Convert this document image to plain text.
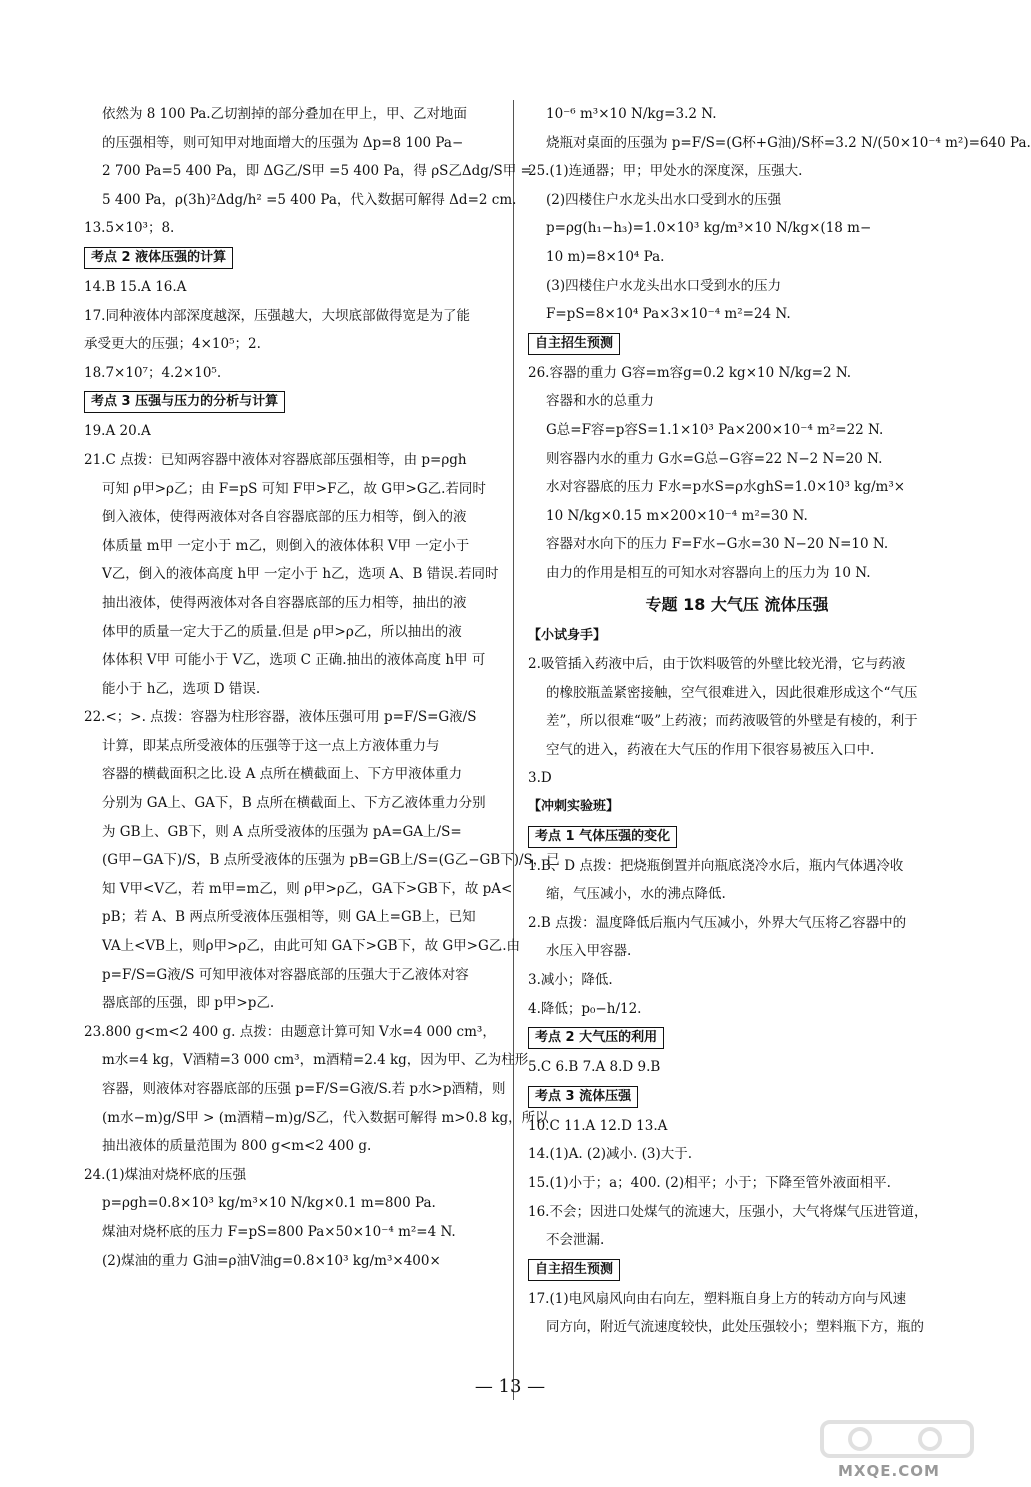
依然为 8 100 Pa.乙切割掉的部分叠加在甲上，甲、乙对地面
的压强相等，则可知甲对地面增大的压强为 Δp=8 100 Pa−
2 700 Pa=5 400 Pa，即 ΔG乙/S甲 =5 400 Pa，得 ρS乙Δdg/S甲 =
5 400 Pa，ρ(3h)²Δdg/h² =5 400 Pa，代入数据可解得 Δd=2 cm.
13.5×10³；8.
考点 2 液体压强的计算
14.B 15.A 16.A
17.同种液体内部深度越深，压强越大，大坝底部做得宽是为了能
承受更大的压强；4×10⁵；2.
18.7×10⁷；4.2×10⁵.
考点 3 压强与压力的分析与计算
19.A 20.A
21.C 点拨：已知两容器中液体对容器底部压强相等，由 p=ρgh
可知 ρ甲>ρ乙；由 F=pS 可知 F甲>F乙，故 G甲>G乙.若同时
倒入液体，使得两液体对各自容器底部的压力相等，倒入的液
体质量 m甲 一定小于 m乙，则倒入的液体体积 V甲 一定小于
V乙，倒入的液体高度 h甲 一定小于 h乙，选项 A、B 错误.若同时
抽出液体，使得两液体对各自容器底部的压力相等，抽出的液
体甲的质量一定大于乙的质量.但是 ρ甲>ρ乙，所以抽出的液
体体积 V甲 可能小于 V乙，选项 C 正确.抽出的液体高度 h甲 可
能小于 h乙，选项 D 错误.
22.<；>. 点拨：容器为柱形容器，液体压强可用 p=F/S=G液/S
计算，即某点所受液体的压强等于这一点上方液体重力与
容器的横截面积之比.设 A 点所在横截面上、下方甲液体重力
分别为 GA上、GA下，B 点所在横截面上、下方乙液体重力分别
为 GB上、GB下，则 A 点所受液体的压强为 pA=GA上/S=
(G甲−GA下)/S，B 点所受液体的压强为 pB=GB上/S=(G乙−GB下)/S，已
知 V甲<V乙，若 m甲=m乙，则 ρ甲>ρ乙，GA下>GB下，故 pA<
pB；若 A、B 两点所受液体压强相等，则 GA上=GB上，已知
VA上<VB上，则ρ甲>ρ乙，由此可知 GA下>GB下，故 G甲>G乙.由
p=F/S=G液/S 可知甲液体对容器底部的压强大于乙液体对容
器底部的压强，即 p甲>p乙.
23.800 g<m<2 400 g. 点拨：由题意计算可知 V水=4 000 cm³，
m水=4 kg，V酒精=3 000 cm³，m酒精=2.4 kg，因为甲、乙为柱形
容器，则液体对容器底部的压强 p=F/S=G液/S.若 p水>p酒精，则
(m水−m)g/S甲 > (m酒精−m)g/S乙，代入数据可解得 m>0.8 kg，所以
抽出液体的质量范围为 800 g<m<2 400 g.
24.(1)煤油对烧杯底的压强
p=ρgh=0.8×10³ kg/m³×10 N/kg×0.1 m=800 Pa.
煤油对烧杯底的压力 F=pS=800 Pa×50×10⁻⁴ m²=4 N.
(2)煤油的重力 G油=ρ油V油g=0.8×10³ kg/m³×400×
10⁻⁶ m³×10 N/kg=3.2 N.
烧瓶对桌面的压强为 p=F/S=(G杯+G油)/S杯=3.2 N/(50×10⁻⁴ m²)=640 Pa.
25.(1)连通器；甲；甲处水的深度深，压强大.
(2)四楼住户水龙头出水口受到水的压强
p=ρg(h₁−h₃)=1.0×10³ kg/m³×10 N/kg×(18 m−
10 m)=8×10⁴ Pa.
(3)四楼住户水龙头出水口受到水的压力
F=pS=8×10⁴ Pa×3×10⁻⁴ m²=24 N.
自主招生预测
26.容器的重力 G容=m容g=0.2 kg×10 N/kg=2 N.
容器和水的总重力
G总=F容=p容S=1.1×10³ Pa×200×10⁻⁴ m²=22 N.
则容器内水的重力 G水=G总−G容=22 N−2 N=20 N.
水对容器底的压力 F水=p水S=ρ水ghS=1.0×10³ kg/m³×
10 N/kg×0.15 m×200×10⁻⁴ m²=30 N.
容器对水向下的压力 F=F水−G水=30 N−20 N=10 N.
由力的作用是相互的可知水对容器向上的压力为 10 N.
专题 18 大气压 流体压强
【小试身手】
2.吸管插入药液中后，由于饮料吸管的外壁比较光滑，它与药液
的橡胶瓶盖紧密接触，空气很难进入，因此很难形成这个“气压
差”，所以很难“吸”上药液；而药液吸管的外壁是有棱的，利于
空气的进入，药液在大气压的作用下很容易被压入口中.
3.D
【冲刺实验班】
考点 1 气体压强的变化
1.B、D 点拨：把烧瓶倒置并向瓶底浇冷水后，瓶内气体遇冷收
缩，气压减小，水的沸点降低.
2.B 点拨：温度降低后瓶内气压减小，外界大气压将乙容器中的
水压入甲容器.
3.减小；降低.
4.降低；p₀−h/12.
考点 2 大气压的利用
5.C 6.B 7.A 8.D 9.B
考点 3 流体压强
10.C 11.A 12.D 13.A
14.(1)A. (2)减小. (3)大于.
15.(1)小于；a；400. (2)相平；小于；下降至管外液面相平.
16.不会；因进口处煤气的流速大，压强小，大气将煤气压进管道，
不会泄漏.
自主招生预测
17.(1)电风扇风向由右向左，塑料瓶自身上方的转动方向与风速
同方向，附近气流速度较快，此处压强较小；塑料瓶下方，瓶的
— 13 —
MXQE.COM
